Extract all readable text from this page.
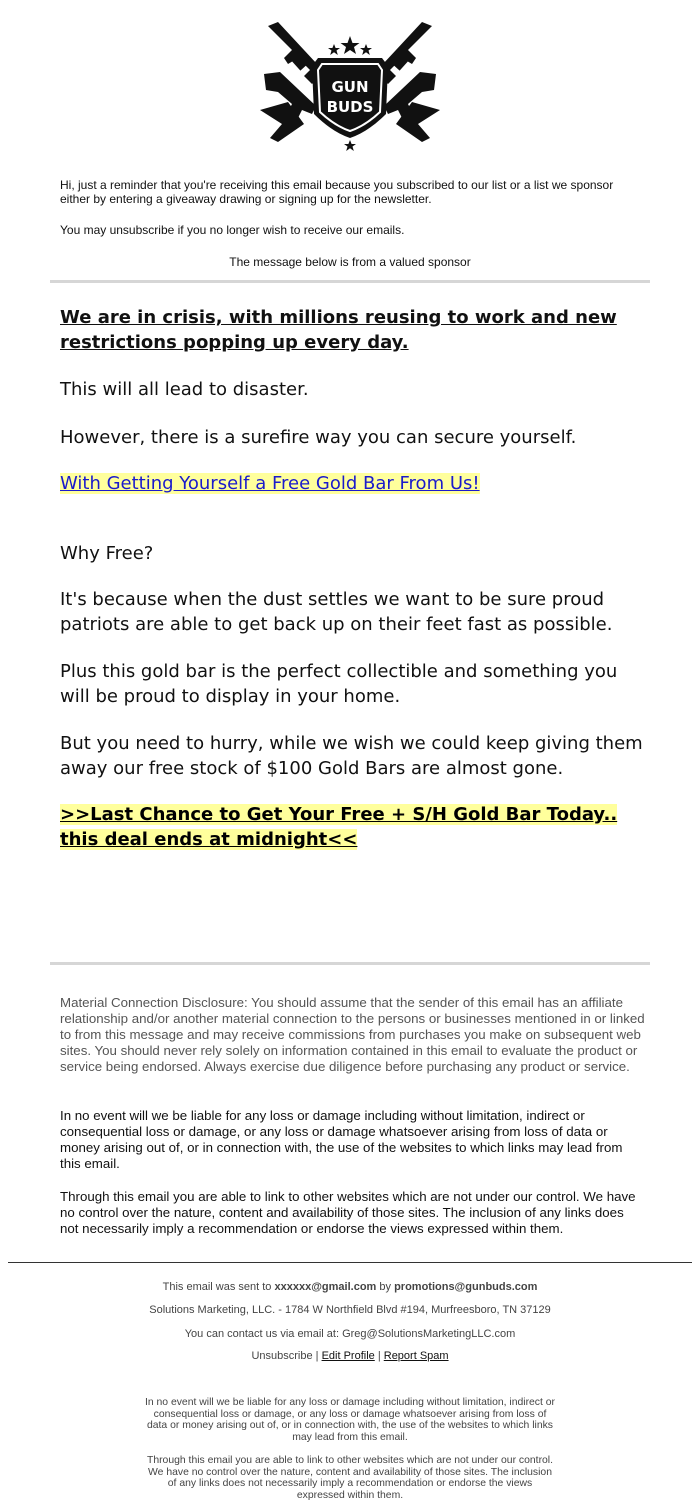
GUN
BUDS
Hi, just a reminder that you're receiving this email because you subscribed to our list or a list we sponsor either by entering a giveaway drawing or signing up for the newsletter.
You may unsubscribe if you no longer wish to receive our emails.
The message below is from a valued sponsor
We are in crisis, with millions reusing to work and new restrictions popping up every day.
This will all lead to disaster.
However, there is a surefire way you can secure yourself.
With Getting Yourself a Free Gold Bar From Us!
Why Free?
It's because when the dust settles we want to be sure proud patriots are able to get back up on their feet fast as possible.
Plus this gold bar is the perfect collectible and something you will be proud to display in your home.
But you need to hurry, while we wish we could keep giving them away our free stock of $100 Gold Bars are almost gone.
>>Last Chance to Get Your Free + S/H Gold Bar Today.. this deal ends at midnight<<
Material Connection Disclosure: You should assume that the sender of this email has an affiliate relationship and/or another material connection to the persons or businesses mentioned in or linked to from this message and may receive commissions from purchases you make on subsequent web sites. You should never rely solely on information contained in this email to evaluate the product or service being endorsed. Always exercise due diligence before purchasing any product or service.
In no event will we be liable for any loss or damage including without limitation, indirect or consequential loss or damage, or any loss or damage whatsoever arising from loss of data or money arising out of, or in connection with, the use of the websites to which links may lead from this email.
Through this email you are able to link to other websites which are not under our control. We have no control over the nature, content and availability of those sites. The inclusion of any links does not necessarily imply a recommendation or endorse the views expressed within them.
This email was sent to xxxxxx@gmail.com by promotions@gunbuds.com
Solutions Marketing, LLC. - 1784 W Northfield Blvd #194, Murfreesboro, TN 37129
You can contact us via email at: Greg@SolutionsMarketingLLC.com
Unsubscribe | Edit Profile | Report Spam
In no event will we be liable for any loss or damage including without limitation, indirect or consequential loss or damage, or any loss or damage whatsoever arising from loss of data or money arising out of, or in connection with, the use of the websites to which links may lead from this email.
Through this email you are able to link to other websites which are not under our control. We have no control over the nature, content and availability of those sites. The inclusion of any links does not necessarily imply a recommendation or endorse the views expressed within them.
